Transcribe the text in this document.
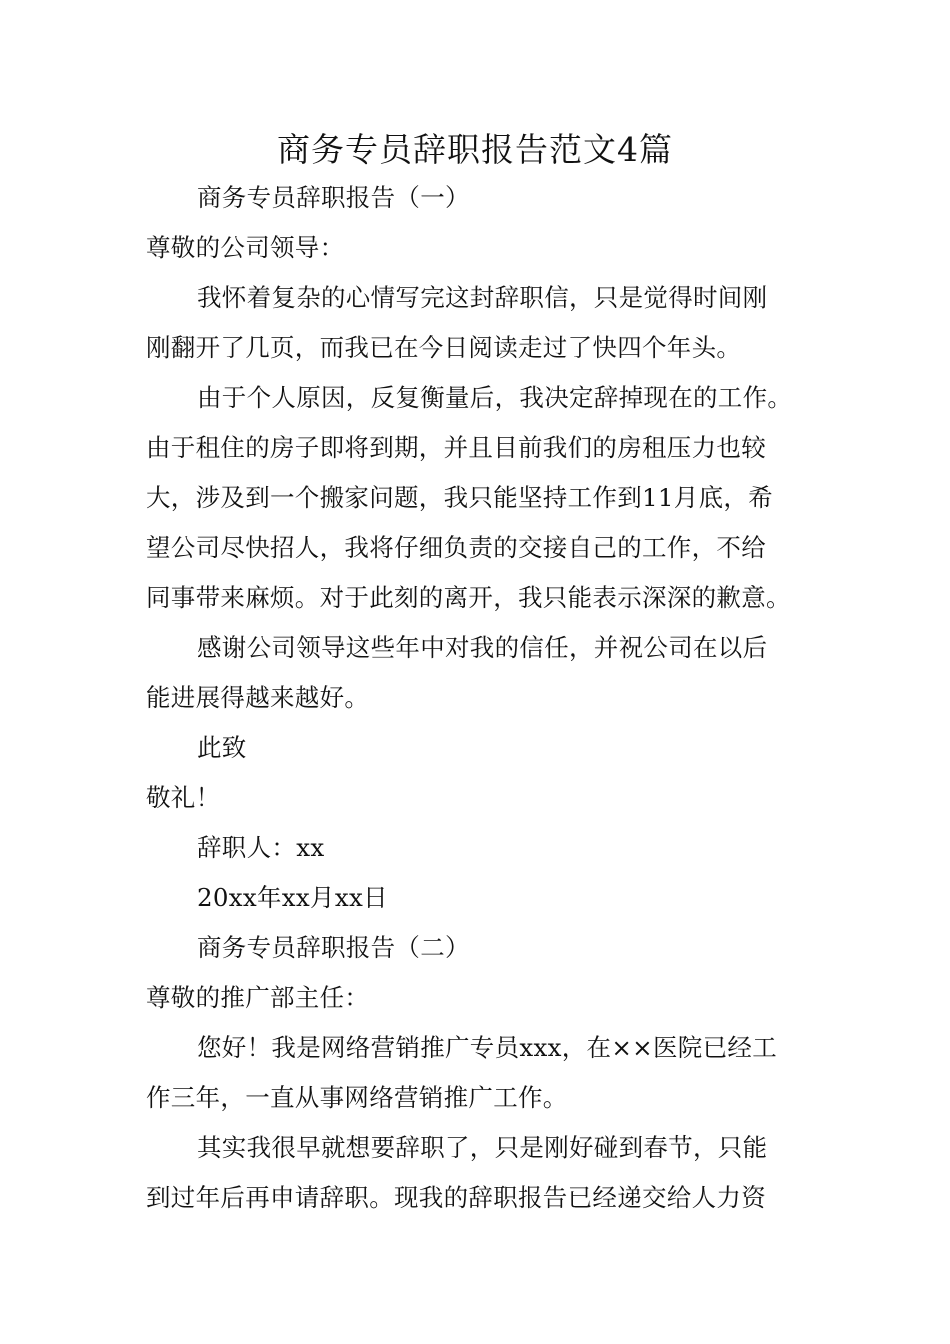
商务专员辞职报告范文4篇
商务专员辞职报告（一）
尊敬的公司领导：
我怀着复杂的心情写完这封辞职信，只是觉得时间刚
刚翻开了几页，而我已在今日阅读走过了快四个年头。
由于个人原因，反复衡量后，我决定辞掉现在的工作。
由于租住的房子即将到期，并且目前我们的房租压力也较
大，涉及到一个搬家问题，我只能坚持工作到11月底，希
望公司尽快招人，我将仔细负责的交接自己的工作，不给
同事带来麻烦。对于此刻的离开，我只能表示深深的歉意。
感谢公司领导这些年中对我的信任，并祝公司在以后
能进展得越来越好。
此致
敬礼！
辞职人：xx
20xx年xx月xx日
商务专员辞职报告（二）
尊敬的推广部主任：
您好！我是网络营销推广专员xxx，在××医院已经工
作三年，一直从事网络营销推广工作。
其实我很早就想要辞职了，只是刚好碰到春节，只能
到过年后再申请辞职。现我的辞职报告已经递交给人力资
